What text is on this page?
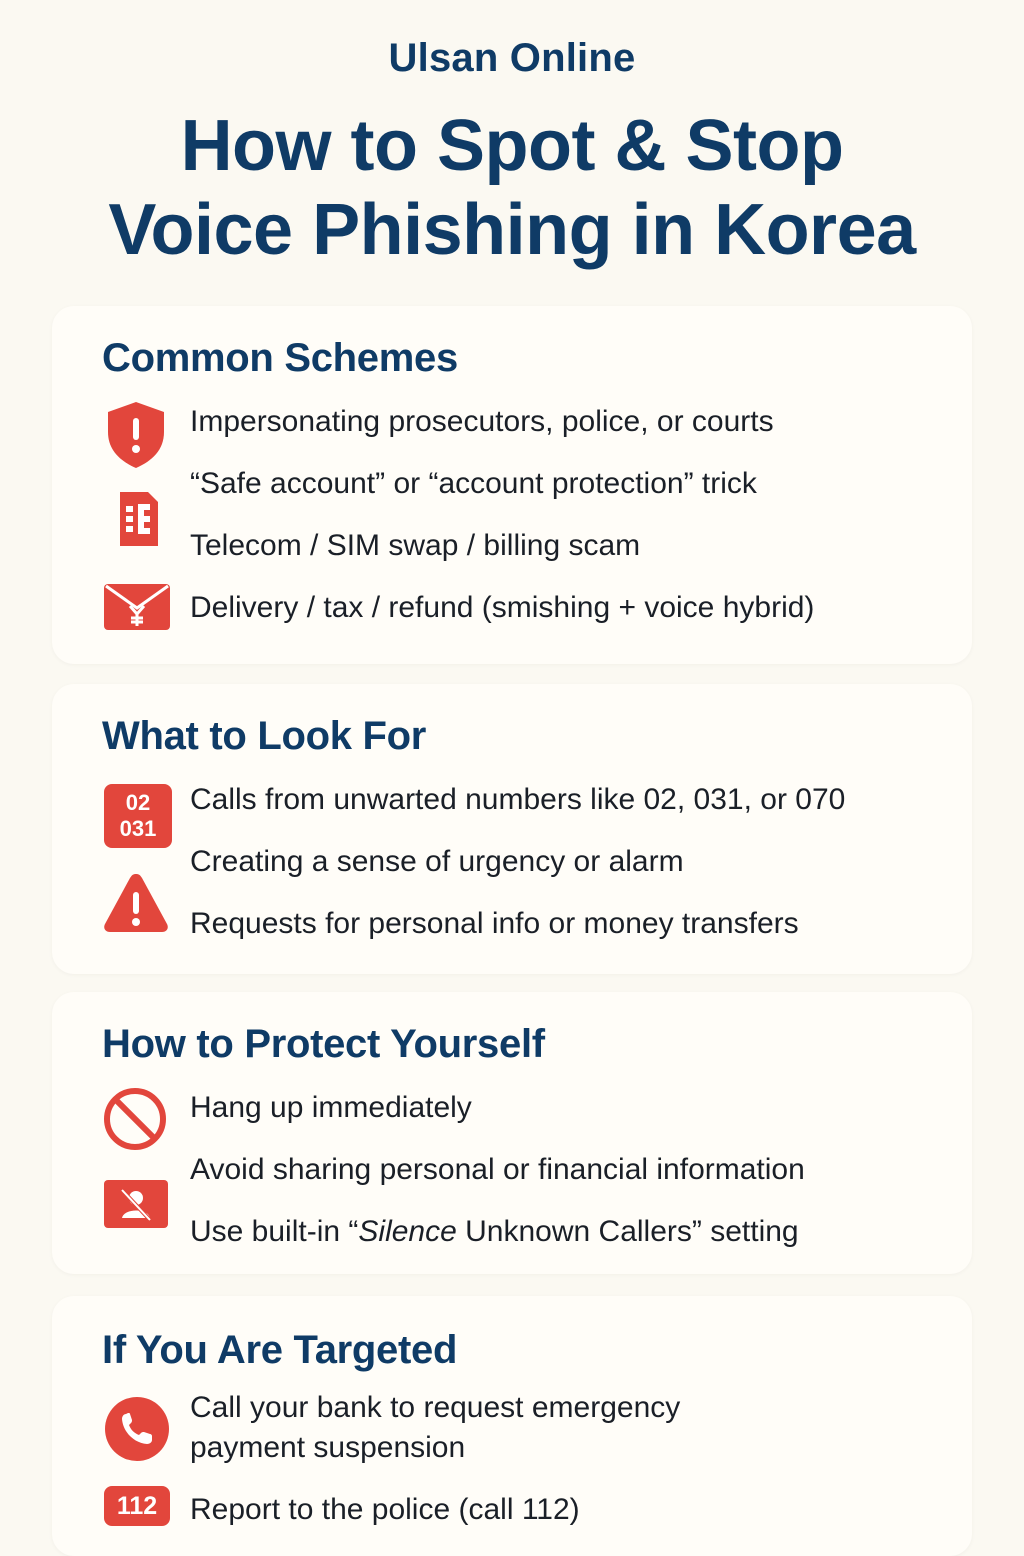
Ulsan Online
How to Spot & Stop
Voice Phishing in Korea
Common Schemes
Impersonating prosecutors, police, or courts
“Safe account” or “account protection” trick
Telecom / SIM swap / billing scam
Delivery / tax / refund (smishing + voice hybrid)
What to Look For
02
031
Calls from unwarted numbers like 02, 031, or 070
Creating a sense of urgency or alarm
Requests for personal info or money transfers
How to Protect Yourself
Hang up immediately
Avoid sharing personal or financial information
Use built-in “Silence Unknown Callers” setting
If You Are Targeted
Call your bank to request emergency
payment suspension
112	Report to the police (call 112)
